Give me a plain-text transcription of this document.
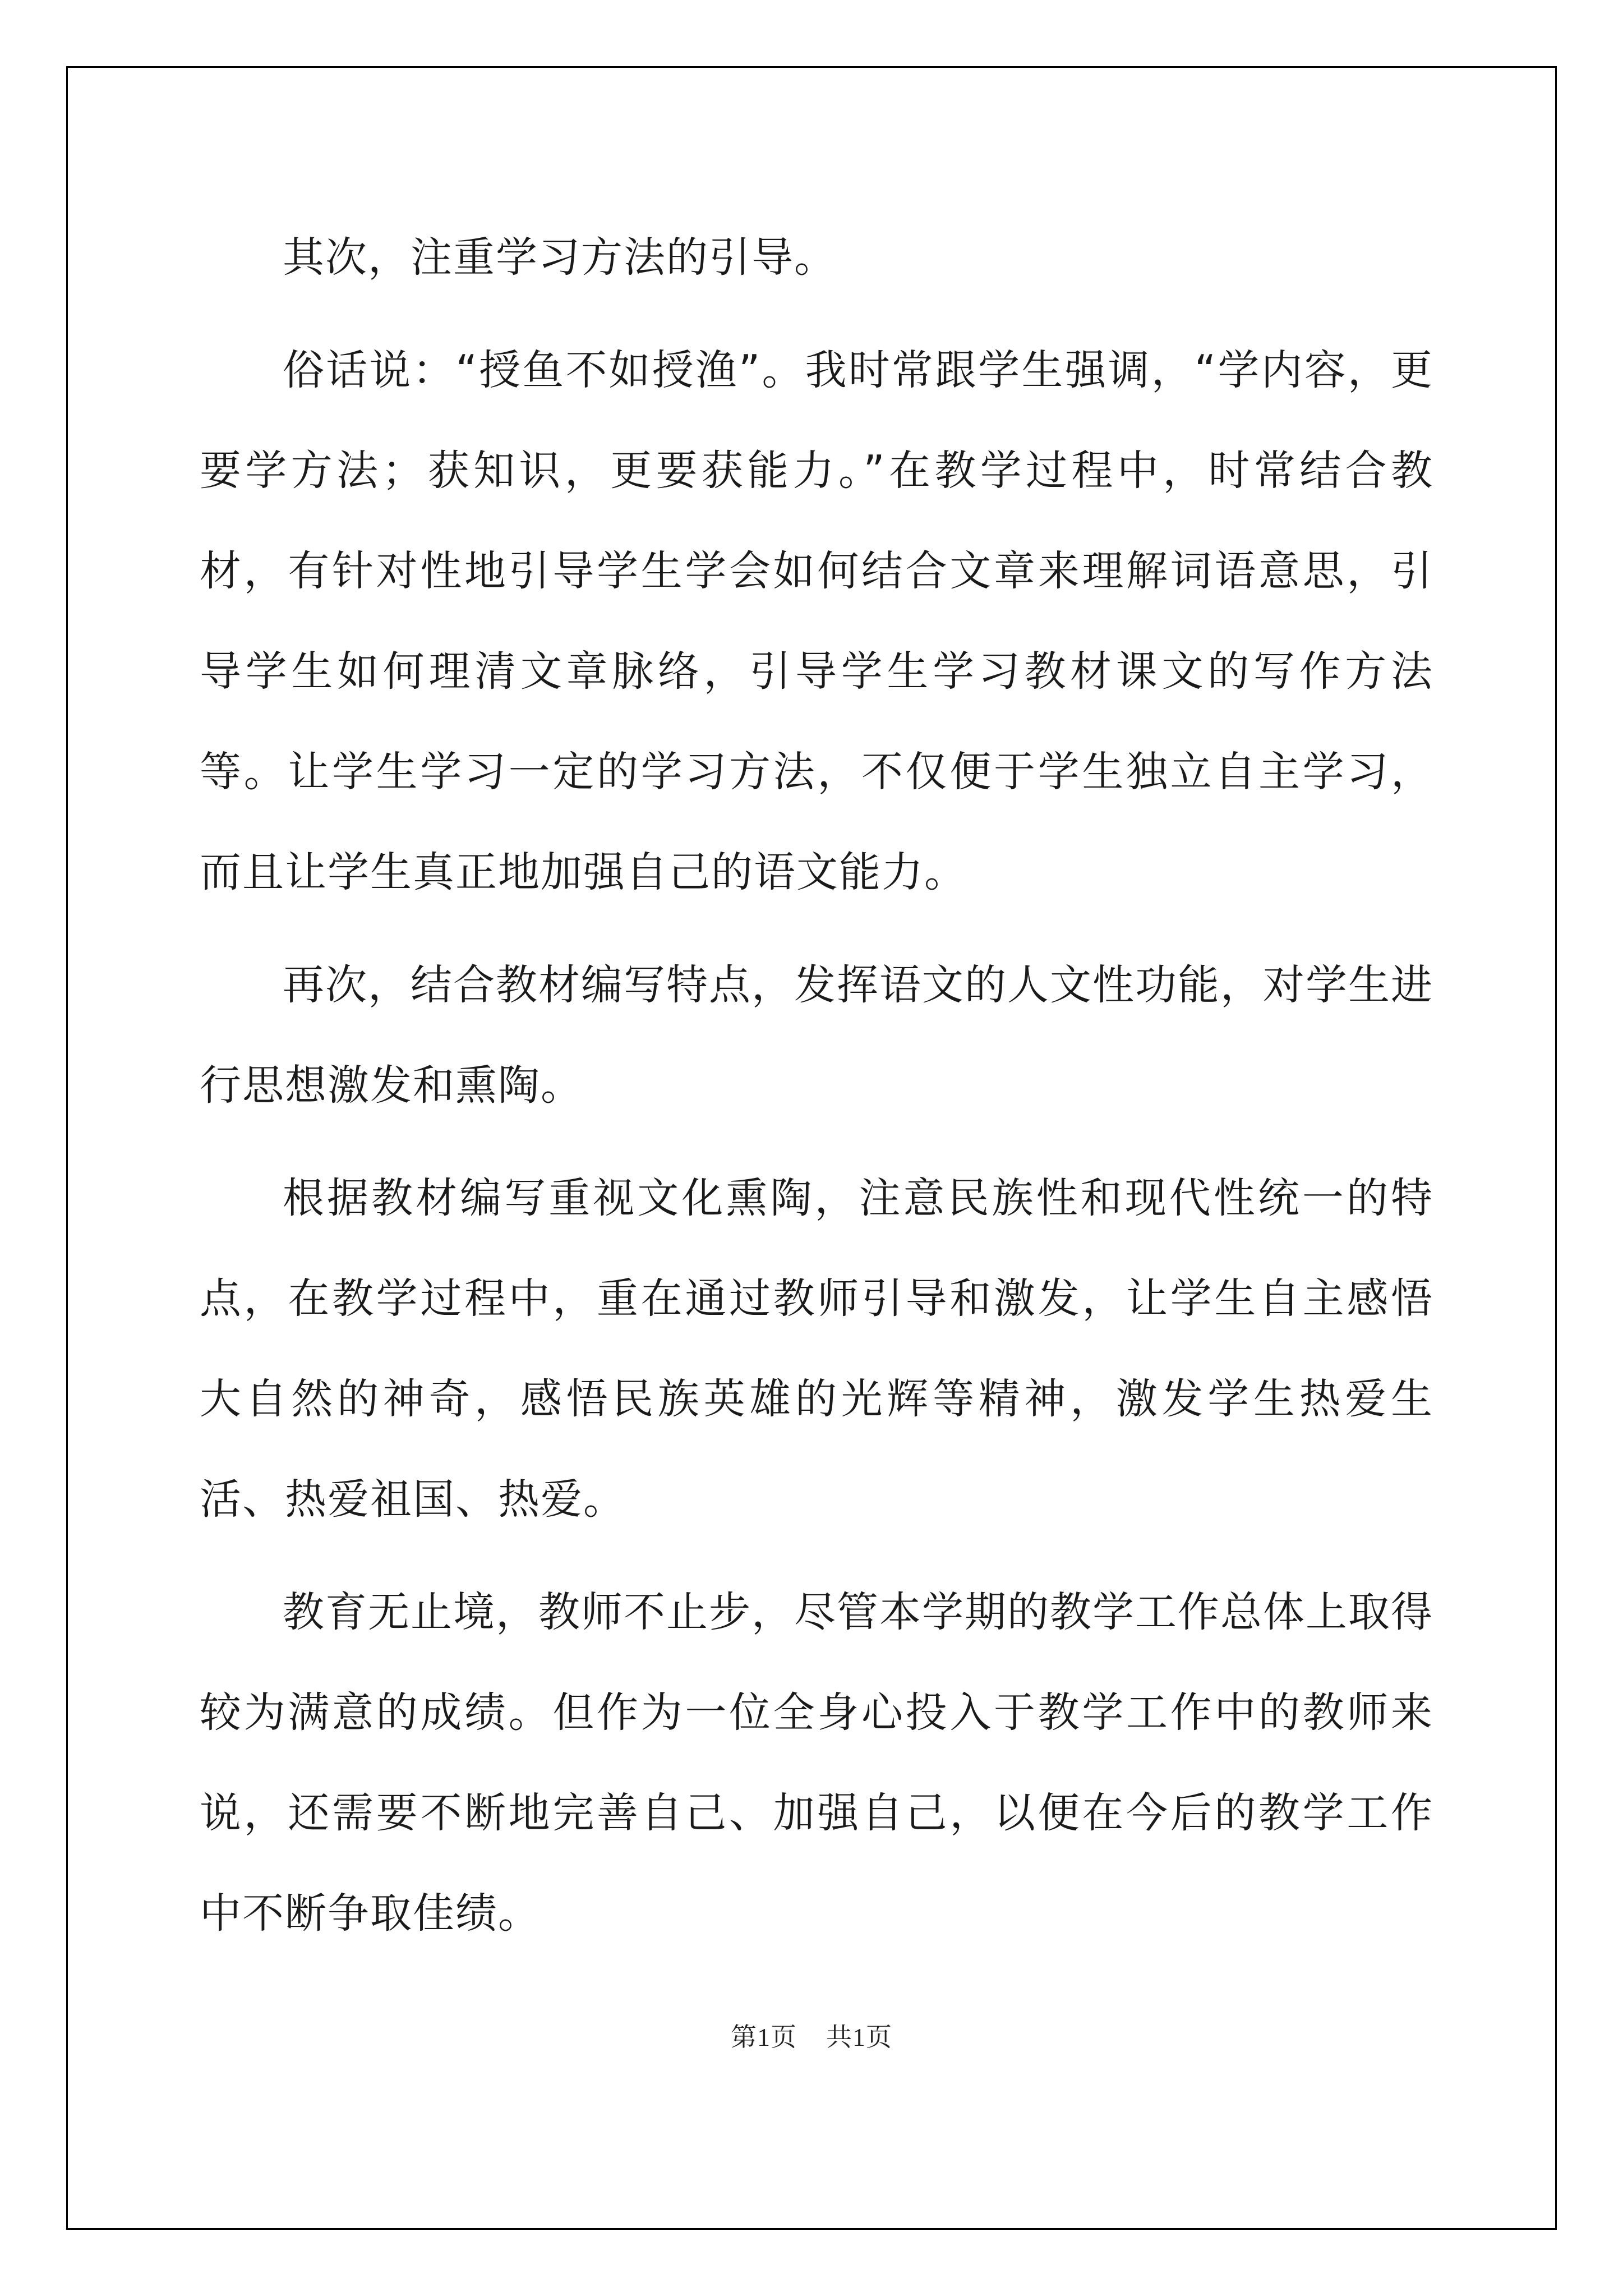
其次，注重学习方法的引导。

俗话说：“授鱼不如授渔”。我时常跟学生强调，“学内容，更要学方法；获知识，更要获能力。”在教学过程中，时常结合教材，有针对性地引导学生学会如何结合文章来理解词语意思，引导学生如何理清文章脉络，引导学生学习教材课文的写作方法等。让学生学习一定的学习方法，不仅便于学生独立自主学习，而且让学生真正地加强自己的语文能力。

再次，结合教材编写特点，发挥语文的人文性功能，对学生进行思想激发和熏陶。

根据教材编写重视文化熏陶，注意民族性和现代性统一的特点，在教学过程中，重在通过教师引导和激发，让学生自主感悟大自然的神奇，感悟民族英雄的光辉等精神，激发学生热爱生活、热爱祖国、热爱。

教育无止境，教师不止步，尽管本学期的教学工作总体上取得较为满意的成绩。但作为一位全身心投入于教学工作中的教师来说，还需要不断地完善自己、加强自己，以便在今后的教学工作中不断争取佳绩。

第1页 共1页
